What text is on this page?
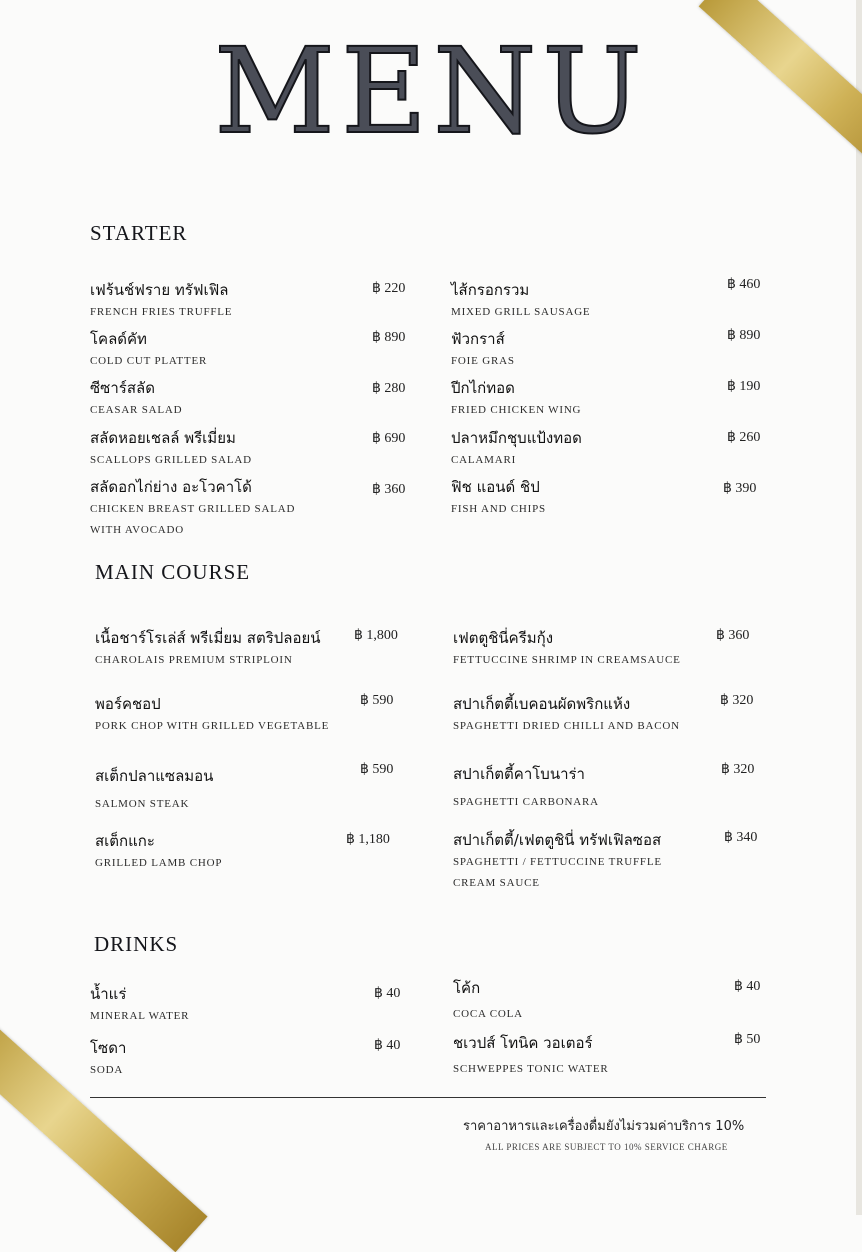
MENU
STARTER
MAIN COURSE
DRINKS
เฟร้นช์ฟราย ทรัฟเฟิล
FRENCH FRIES TRUFFLE
฿ 220
โคลด์คัท
COLD CUT PLATTER
฿ 890
ซีซาร์สลัด
CEASAR SALAD
฿ 280
สลัดหอยเชลล์ พรีเมี่ยม
SCALLOPS GRILLED SALAD
฿ 690
สลัดอกไก่ย่าง อะโวคาโด้
CHICKEN BREAST GRILLED SALAD
WITH AVOCADO
฿ 360
ไส้กรอกรวม
MIXED GRILL SAUSAGE
฿ 460
ฟัวกราส์
FOIE GRAS
฿ 890
ปีกไก่ทอด
FRIED CHICKEN WING
฿ 190
ปลาหมึกชุบแป้งทอด
CALAMARI
฿ 260
ฟิช แอนด์ ชิป
FISH AND CHIPS
฿ 390
เนื้อชาร์โรเล่ส์ พรีเมี่ยม สตริปลอยน์
CHAROLAIS PREMIUM STRIPLOIN
฿ 1,800
พอร์คชอป
PORK CHOP WITH GRILLED VEGETABLE
฿ 590
สเต็กปลาแซลมอน
SALMON STEAK
฿ 590
สเต็กแกะ
GRILLED LAMB CHOP
฿ 1,180
เฟตตูชินี่ครีมกุ้ง
FETTUCCINE SHRIMP IN CREAMSAUCE
฿ 360
สปาเก็ตตี้เบคอนผัดพริกแห้ง
SPAGHETTI DRIED CHILLI AND BACON
฿ 320
สปาเก็ตตี้คาโบนาร่า
SPAGHETTI CARBONARA
฿ 320
สปาเก็ตตี้/เฟตตูชินี่ ทรัฟเฟิลซอส
SPAGHETTI / FETTUCCINE TRUFFLE
CREAM SAUCE
฿ 340
น้ำแร่
MINERAL WATER
฿ 40
โซดา
SODA
฿ 40
โค้ก
COCA COLA
฿ 40
ชเวปส์ โทนิค วอเตอร์
SCHWEPPES TONIC WATER
฿ 50
ราคาอาหารและเครื่องดื่มยังไม่รวมค่าบริการ 10%
ALL PRICES ARE SUBJECT TO 10% SERVICE CHARGE
